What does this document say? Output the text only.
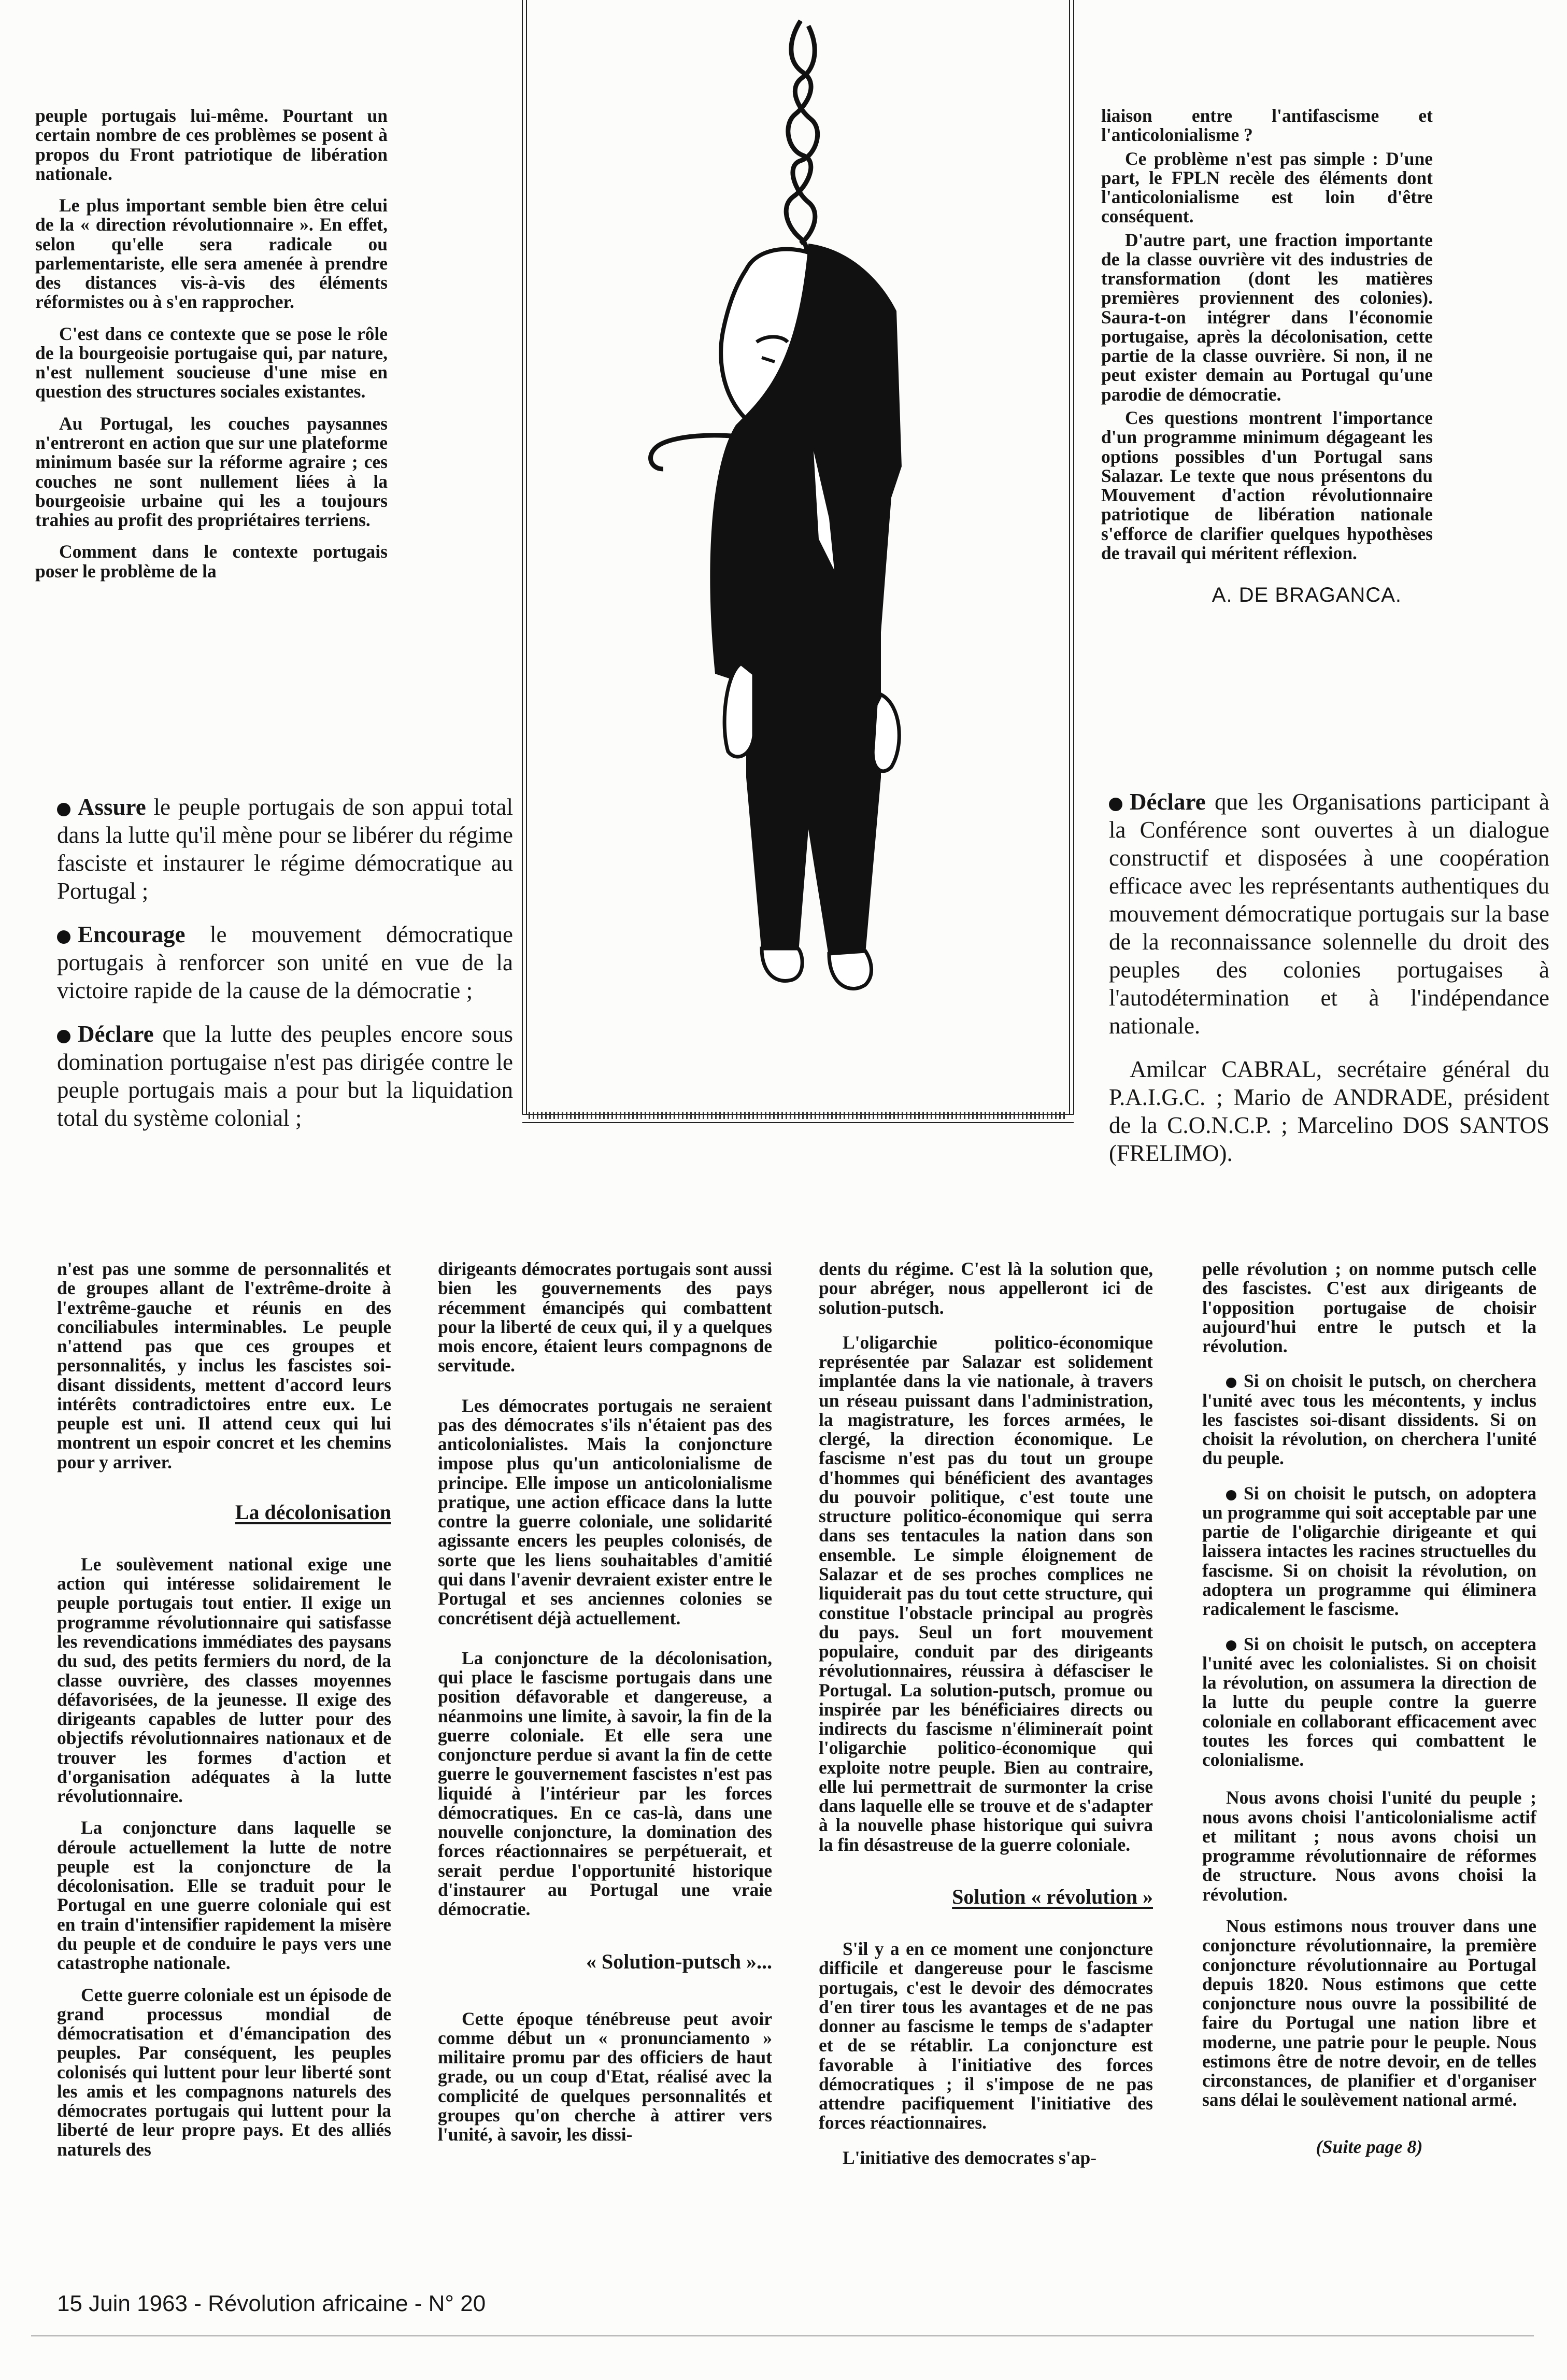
peuple portugais lui-même. Pourtant un certain nombre de ces problèmes se posent à propos du Front patriotique de libération nationale.

Le plus important semble bien être celui de la « direction révolutionnaire ». En effet, selon qu'elle sera radicale ou parlementariste, elle sera amenée à prendre des distances vis-à-vis des éléments réformistes ou à s'en rapprocher.

C'est dans ce contexte que se pose le rôle de la bourgeoisie portugaise qui, par nature, n'est nullement soucieuse d'une mise en question des structures sociales existantes.

Au Portugal, les couches paysannes n'entreront en action que sur une plateforme minimum basée sur la réforme agraire ; ces couches ne sont nullement liées à la bourgeoisie urbaine qui les a toujours trahies au profit des propriétaires terriens.

Comment dans le contexte portugais poser le problème de la

liaison entre l'antifascisme et l'anticolonialisme ?

Ce problème n'est pas simple : D'une part, le FPLN recèle des éléments dont l'anticolonialisme est loin d'être conséquent.

D'autre part, une fraction importante de la classe ouvrière vit des industries de transformation (dont les matières premières proviennent des colonies). Saura-t-on intégrer dans l'économie portugaise, après la décolonisation, cette partie de la classe ouvrière. Si non, il ne peut exister demain au Portugal qu'une parodie de démocratie.

Ces questions montrent l'importance d'un programme minimum dégageant les options possibles d'un Portugal sans Salazar. Le texte que nous présentons du Mouvement d'action révolutionnaire patriotique de libération nationale s'efforce de clarifier quelques hypothèses de travail qui méritent réflexion.

A. DE BRAGANCA.

Assure le peuple portugais de son appui total dans la lutte qu'il mène pour se libérer du régime fasciste et instaurer le régime démocratique au Portugal ;

Encourage le mouvement démocratique portugais à renforcer son unité en vue de la victoire rapide de la cause de la démocratie ;

Déclare que la lutte des peuples encore sous domination portugaise n'est pas dirigée contre le peuple portugais mais a pour but la liquidation total du système colonial ;

Déclare que les Organisations participant à la Conférence sont ouvertes à un dialogue constructif et disposées à une coopération efficace avec les représentants authentiques du mouvement démocratique portugais sur la base de la reconnaissance solennelle du droit des peuples des colonies portugaises à l'autodétermination et à l'indépendance nationale.

Amilcar CABRAL, secrétaire général du P.A.I.G.C. ; Mario de ANDRADE, président de la C.O.N.C.P. ; Marcelino DOS SANTOS (FRELIMO).

n'est pas une somme de personnalités et de groupes allant de l'extrême-droite à l'extrême-gauche et réunis en des conciliabules interminables. Le peuple n'attend pas que ces groupes et personnalités, y inclus les fascistes soi-disant dissidents, mettent d'accord leurs intérêts contradictoires entre eux. Le peuple est uni. Il attend ceux qui lui montrent un espoir concret et les chemins pour y arriver.

La décolonisation

Le soulèvement national exige une action qui intéresse solidairement le peuple portugais tout entier. Il exige un programme révolutionnaire qui satisfasse les revendications immédiates des paysans du sud, des petits fermiers du nord, de la classe ouvrière, des classes moyennes défavorisées, de la jeunesse. Il exige des dirigeants capables de lutter pour des objectifs révolutionnaires nationaux et de trouver les formes d'action et d'organisation adéquates à la lutte révolutionnaire.

La conjoncture dans laquelle se déroule actuellement la lutte de notre peuple est la conjoncture de la décolonisation. Elle se traduit pour le Portugal en une guerre coloniale qui est en train d'intensifier rapidement la misère du peuple et de conduire le pays vers une catastrophe nationale.

Cette guerre coloniale est un épisode de grand processus mondial de démocratisation et d'émancipation des peuples. Par conséquent, les peuples colonisés qui luttent pour leur liberté sont les amis et les compagnons naturels des démocrates portugais qui luttent pour la liberté de leur propre pays. Et des alliés naturels des

dirigeants démocrates portugais sont aussi bien les gouvernements des pays récemment émancipés qui combattent pour la liberté de ceux qui, il y a quelques mois encore, étaient leurs compagnons de servitude.

Les démocrates portugais ne seraient pas des démocrates s'ils n'étaient pas des anticolonialistes. Mais la conjoncture impose plus qu'un anticolonialisme de principe. Elle impose un anticolonialisme pratique, une action efficace dans la lutte contre la guerre coloniale, une solidarité agissante encers les peuples colonisés, de sorte que les liens souhaitables d'amitié qui dans l'avenir devraient exister entre le Portugal et ses anciennes colonies se concrétisent déjà actuellement.

La conjoncture de la décolonisation, qui place le fascisme portugais dans une position défavorable et dangereuse, a néanmoins une limite, à savoir, la fin de la guerre coloniale. Et elle sera une conjoncture perdue si avant la fin de cette guerre le gouvernement fascistes n'est pas liquidé à l'intérieur par les forces démocratiques. En ce cas-là, dans une nouvelle conjoncture, la domination des forces réactionnaires se perpétuerait, et serait perdue l'opportunité historique d'instaurer au Portugal une vraie démocratie.

« Solution-putsch »...

Cette époque ténébreuse peut avoir comme début un « pronunciamento » militaire promu par des officiers de haut grade, ou un coup d'Etat, réalisé avec la complicité de quelques personnalités et groupes qu'on cherche à attirer vers l'unité, à savoir, les dissi-

dents du régime. C'est là la solution que, pour abréger, nous appelleront ici de solution-putsch.

L'oligarchie politico-économique représentée par Salazar est solidement implantée dans la vie nationale, à travers un réseau puissant dans l'administration, la magistrature, les forces armées, le clergé, la direction économique. Le fascisme n'est pas du tout un groupe d'hommes qui bénéficient des avantages du pouvoir politique, c'est toute une structure politico-économique qui serra dans ses tentacules la nation dans son ensemble. Le simple éloignement de Salazar et de ses proches complices ne liquiderait pas du tout cette structure, qui constitue l'obstacle principal au progrès du pays. Seul un fort mouvement populaire, conduit par des dirigeants révolutionnaires, réussira à défasciser le Portugal. La solution-putsch, promue ou inspirée par les bénéficiaires directs ou indirects du fascisme n'élimineraít point l'oligarchie politico-économique qui exploite notre peuple. Bien au contraire, elle lui permettrait de surmonter la crise dans laquelle elle se trouve et de s'adapter à la nouvelle phase historique qui suivra la fin désastreuse de la guerre coloniale.

Solution « révolution »

S'il y a en ce moment une conjoncture difficile et dangereuse pour le fascisme portugais, c'est le devoir des démocrates d'en tirer tous les avantages et de ne pas donner au fascisme le temps de s'adapter et de se rétablir. La conjoncture est favorable à l'initiative des forces démocratiques ; il s'impose de ne pas attendre pacifiquement l'initiative des forces réactionnaires.

L'initiative des democrates s'ap-

pelle révolution ; on nomme putsch celle des fascistes. C'est aux dirigeants de l'opposition portugaise de choisir aujourd'hui entre le putsch et la révolution.

Si on choisit le putsch, on cherchera l'unité avec tous les mécontents, y inclus les fascistes soi-disant dissidents. Si on choisit la révolution, on cherchera l'unité du peuple.

Si on choisit le putsch, on adoptera un programme qui soit acceptable par une partie de l'oligarchie dirigeante et qui laissera intactes les racines structuelles du fascisme. Si on choisit la révolution, on adoptera un programme qui éliminera radicalement le fascisme.

Si on choisit le putsch, on acceptera l'unité avec les colonialistes. Si on choisit la révolution, on assumera la direction de la lutte du peuple contre la guerre coloniale en collaborant efficacement avec toutes les forces qui combattent le colonialisme.

Nous avons choisi l'unité du peuple ; nous avons choisi l'anticolonialisme actif et militant ; nous avons choisi un programme révolutionnaire de réformes de structure. Nous avons choisi la révolution.

Nous estimons nous trouver dans une conjoncture révolutionnaire, la première conjoncture révolutionnaire au Portugal depuis 1820. Nous estimons que cette conjoncture nous ouvre la possibilité de faire du Portugal une nation libre et moderne, une patrie pour le peuple. Nous estimons être de notre devoir, en de telles circonstances, de planifier et d'organiser sans délai le soulèvement national armé.

(Suite page 8)
15 Juin 1963 - Révolution africaine - N° 20
